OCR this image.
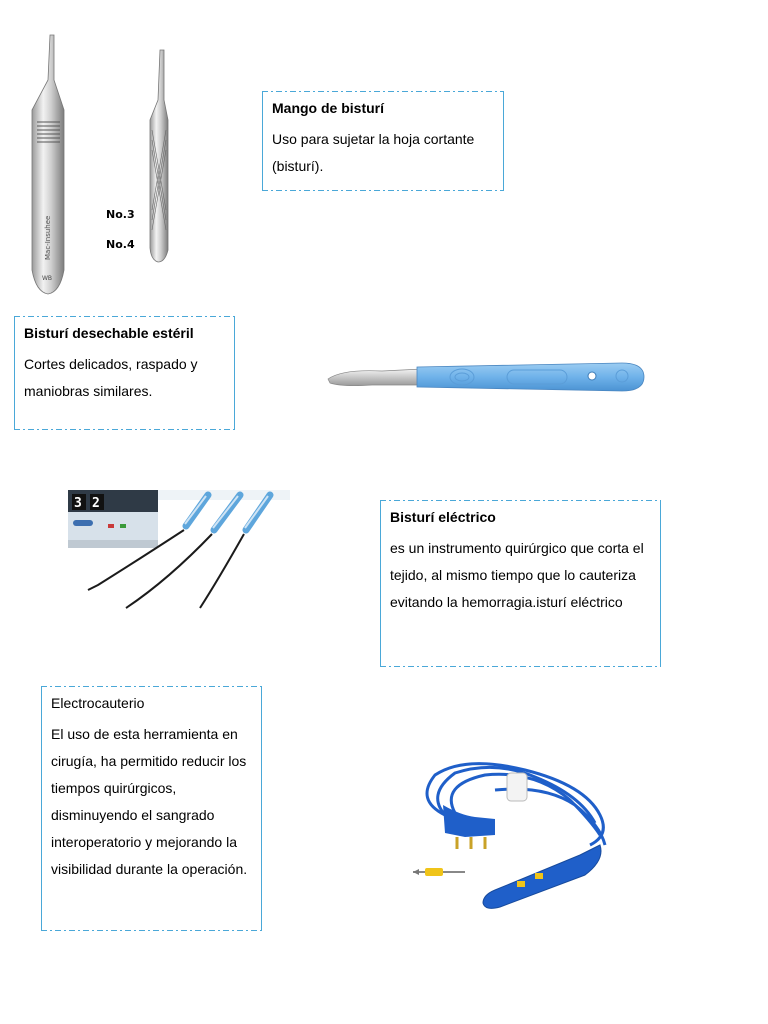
Mac-Insuhee
WB
No.3
No.4
Mango de bisturí
Uso para sujetar la hoja cortante (bisturí).
Bisturí desechable estéril
Cortes delicados, raspado y maniobras similares.
3 2
Bisturí eléctrico
es un instrumento quirúrgico que corta el tejido, al mismo tiempo que lo cauteriza evitando la hemorragia.isturí eléctrico
Electrocauterio
El uso de esta herramienta en cirugía, ha permitido reducir los tiempos quirúrgicos, disminuyendo el sangrado interoperatorio y mejorando la visibilidad durante la operación.
